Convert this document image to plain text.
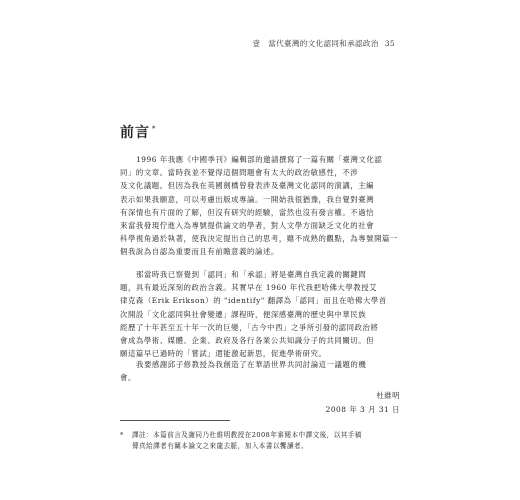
壹　當代臺灣的文化認同和承認政治 35
前言 *
1996 年我應《中國季刊》編輯部的邀請撰寫了一篇有關「臺灣文化認
同」的文章。當時我並不覺得這個問題會有太大的政治敏感性，不涉
及文化議題。但因為我在英國劍橋曾發表涉及臺灣文化認同的演講，主編
表示如果我願意，可以考慮出版成專論。一開始我很猶豫，我自覺對臺灣
有深情也有片面的了解，但沒有研究的經驗，當然也沒有發言權。不過恰
來當我發現佇進入為專號提供論文的學者，對人文學方面缺乏文化的社會
科學視角過於執著，使我決定提出自己的思考，雖不成熟的觀點，為專號開篇一
個我說為自認為重要而且有前瞻意義的論述。
那當時我已察覺到「認同」和「承認」將是臺灣自我定義的關鍵問
題，具有最近深刻的政治含義。其實早在 1960 年代我把哈佛大學教授艾
律克森（Erik Erikson）的 "identify" 翻譯為「認同」而且在哈佛大學首
次開設「文化認同與社會變遷」課程時，便深感臺灣的歷史與中華民族
經歷了十年甚至五十年一次的巨變，「古今中西」之爭所引發的認同政治將
會成為學術、媒體、企業、政府及各行各業公共知識分子的共同關切。但
願這篇早已過時的「嘗試」還能激起新思，促進學術研究。
我要感謝邱子修教授為我創造了在華語世界共同討論這一議題的機
會。
杜維明
2008 年 3 月 31 日
* 譯註：本篇前言及謝同乃杜維明教授在2008年審閱本中譯文後，以其手稿
傳真給譯者有關本論文之來龍去脈，加入本書以饗讀者。
